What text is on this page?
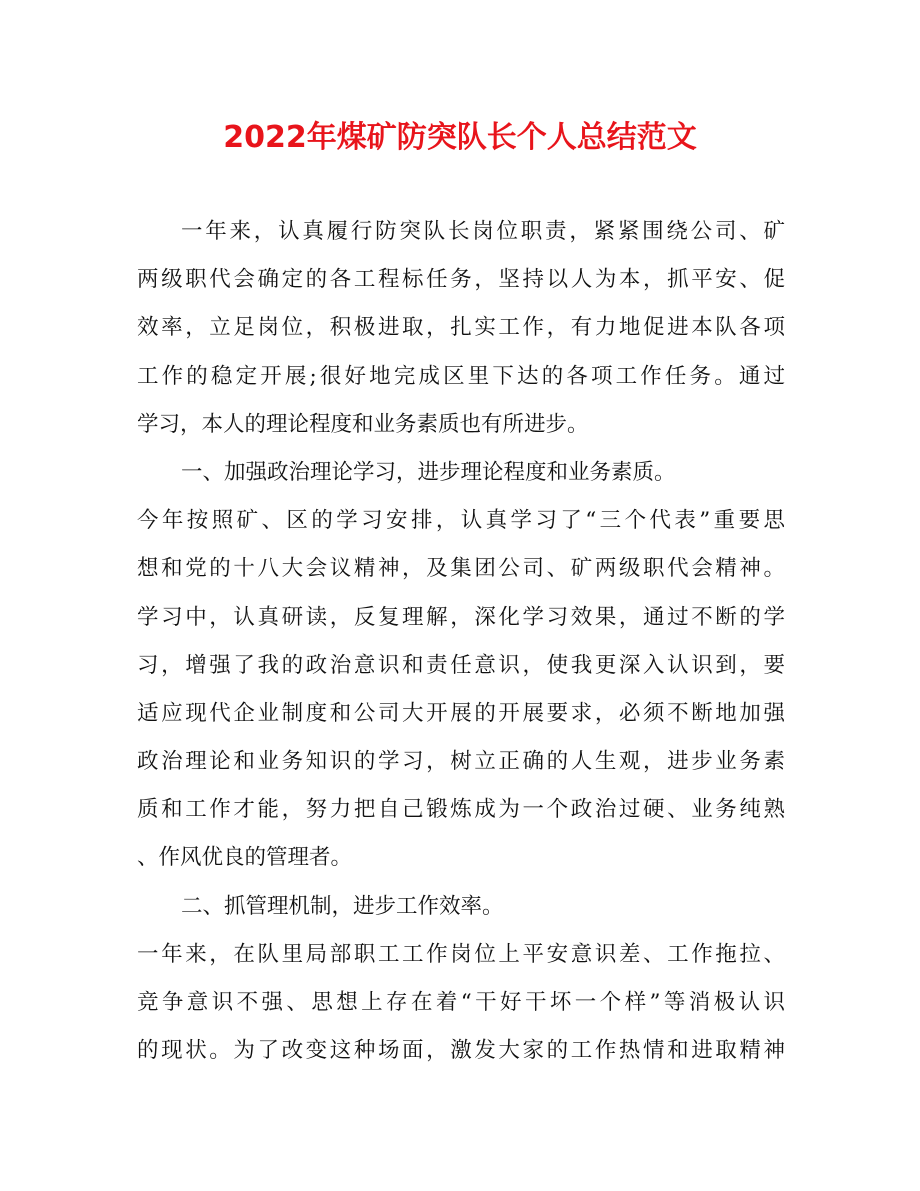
2022年煤矿防突队长个人总结范文
一年来，认真履行防突队长岗位职责，紧紧围绕公司、矿
两级职代会确定的各工程标任务，坚持以人为本，抓平安、促
效率，立足岗位，积极进取，扎实工作，有力地促进本队各项
工作的稳定开展;很好地完成区里下达的各项工作任务。通过
学习，本人的理论程度和业务素质也有所进步。
一、加强政治理论学习，进步理论程度和业务素质。
今年按照矿、区的学习安排，认真学习了“三个代表”重要思
想和党的十八大会议精神，及集团公司、矿两级职代会精神。
学习中，认真研读，反复理解，深化学习效果，通过不断的学
习，增强了我的政治意识和责任意识，使我更深入认识到，要
适应现代企业制度和公司大开展的开展要求，必须不断地加强
政治理论和业务知识的学习，树立正确的人生观，进步业务素
质和工作才能，努力把自己锻炼成为一个政治过硬、业务纯熟
、作风优良的管理者。
二、抓管理机制，进步工作效率。
一年来，在队里局部职工工作岗位上平安意识差、工作拖拉、
竞争意识不强、思想上存在着“干好干坏一个样”等消极认识
的现状。为了改变这种场面，激发大家的工作热情和进取精神
